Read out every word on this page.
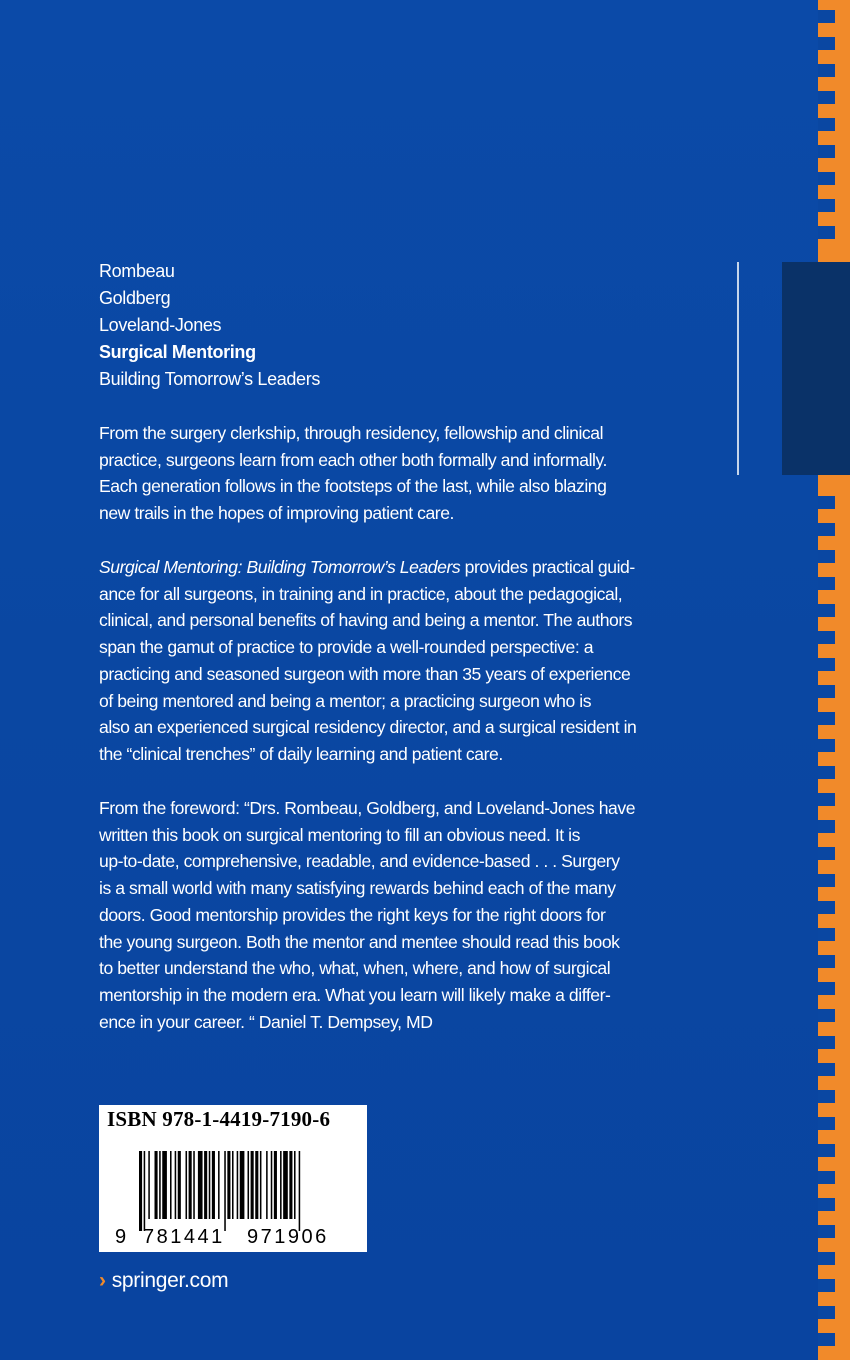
Rombeau
Goldberg
Loveland-Jones
Surgical Mentoring
Building Tomorrow’s Leaders
From the surgery clerkship, through residency, fellowship and clinical
practice, surgeons learn from each other both formally and informally.
Each generation follows in the footsteps of the last, while also blazing
new trails in the hopes of improving patient care.
Surgical Mentoring: Building Tomorrow’s Leaders provides practical guid-
ance for all surgeons, in training and in practice, about the pedagogical,
clinical, and personal benefits of having and being a mentor. The authors
span the gamut of practice to provide a well-rounded perspective: a
practicing and seasoned surgeon with more than 35 years of experience
of being mentored and being a mentor; a practicing surgeon who is
also an experienced surgical residency director, and a surgical resident in
the “clinical trenches” of daily learning and patient care.
From the foreword: “Drs. Rombeau, Goldberg, and Loveland-Jones have
written this book on surgical mentoring to fill an obvious need. It is
up-to-date, comprehensive, readable, and evidence-based . . . Surgery
is a small world with many satisfying rewards behind each of the many
doors. Good mentorship provides the right keys for the right doors for
the young surgeon. Both the mentor and mentee should read this book
to better understand the who, what, when, where, and how of surgical
mentorship in the modern era. What you learn will likely make a differ-
ence in your career. “ Daniel T. Dempsey, MD
ISBN 978-1-4419-7190-6
9 781441 971906
› springer.com
